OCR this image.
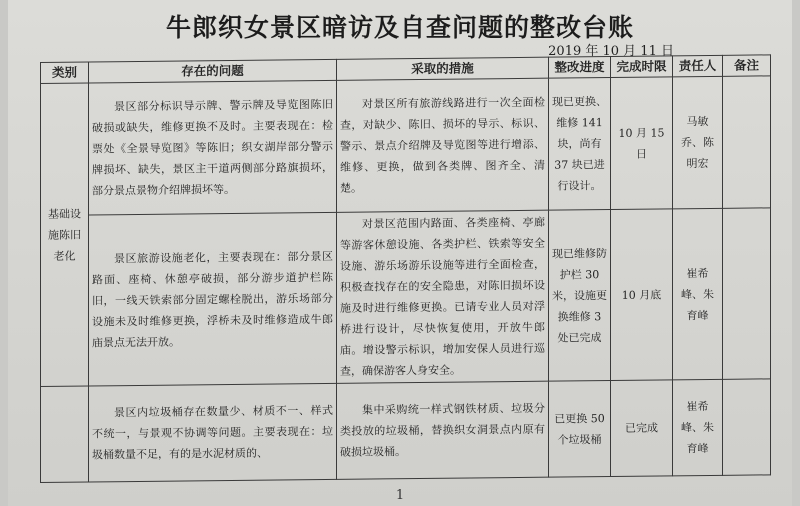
牛郎织女景区暗访及自查问题的整改台账
2019 年 10 月 11 日
类别	存在的问题	采取的措施	整改进度	完成时限	责任人	备注
基础设施陈旧老化	景区部分标识导示牌、警示牌及导览图陈旧破损或缺失，维修更换不及时。主要表现在：检票处《全景导览图》等陈旧；织女湖岸部分警示牌损坏、缺失，景区主干道两侧部分路旗损坏，部分景点景物介绍牌损坏等。	对景区所有旅游线路进行一次全面检查，对缺少、陈旧、损坏的导示、标识、警示、景点介绍牌及导览图等进行增添、维修、更换，做到各类牌、图齐全、清楚。	现已更换、维修 141 块，尚有 37 块已进行设计。	10 月 15 日	马敏乔、陈明宏	
	景区旅游设施老化，主要表现在：部分景区路面、座椅、休憩亭破损，部分游步道护栏陈旧，一线天铁索部分固定螺栓脱出，游乐场部分设施未及时维修更换，浮桥未及时维修造成牛郎庙景点无法开放。	对景区范围内路面、各类座椅、亭廊等游客休憩设施、各类护栏、铁索等安全设施、游乐场游乐设施等进行全面检查，积极查找存在的安全隐患，对陈旧损坏设施及时进行维修更换。已请专业人员对浮桥进行设计，尽快恢复使用，开放牛郎庙。增设警示标识，增加安保人员进行巡查，确保游客人身安全。	现已维修防护栏 30 米，设施更换维修 3 处已完成	10 月底	崔希峰、朱育峰	
	景区内垃圾桶存在数量少、材质不一、样式不统一，与景观不协调等问题。主要表现在：垃圾桶数量不足，有的是水泥材质的、	集中采购统一样式钢铁材质、垃圾分类投放的垃圾桶，替换织女洞景点内原有破损垃圾桶。	已更换 50 个垃圾桶	已完成	崔希峰、朱育峰	
1
